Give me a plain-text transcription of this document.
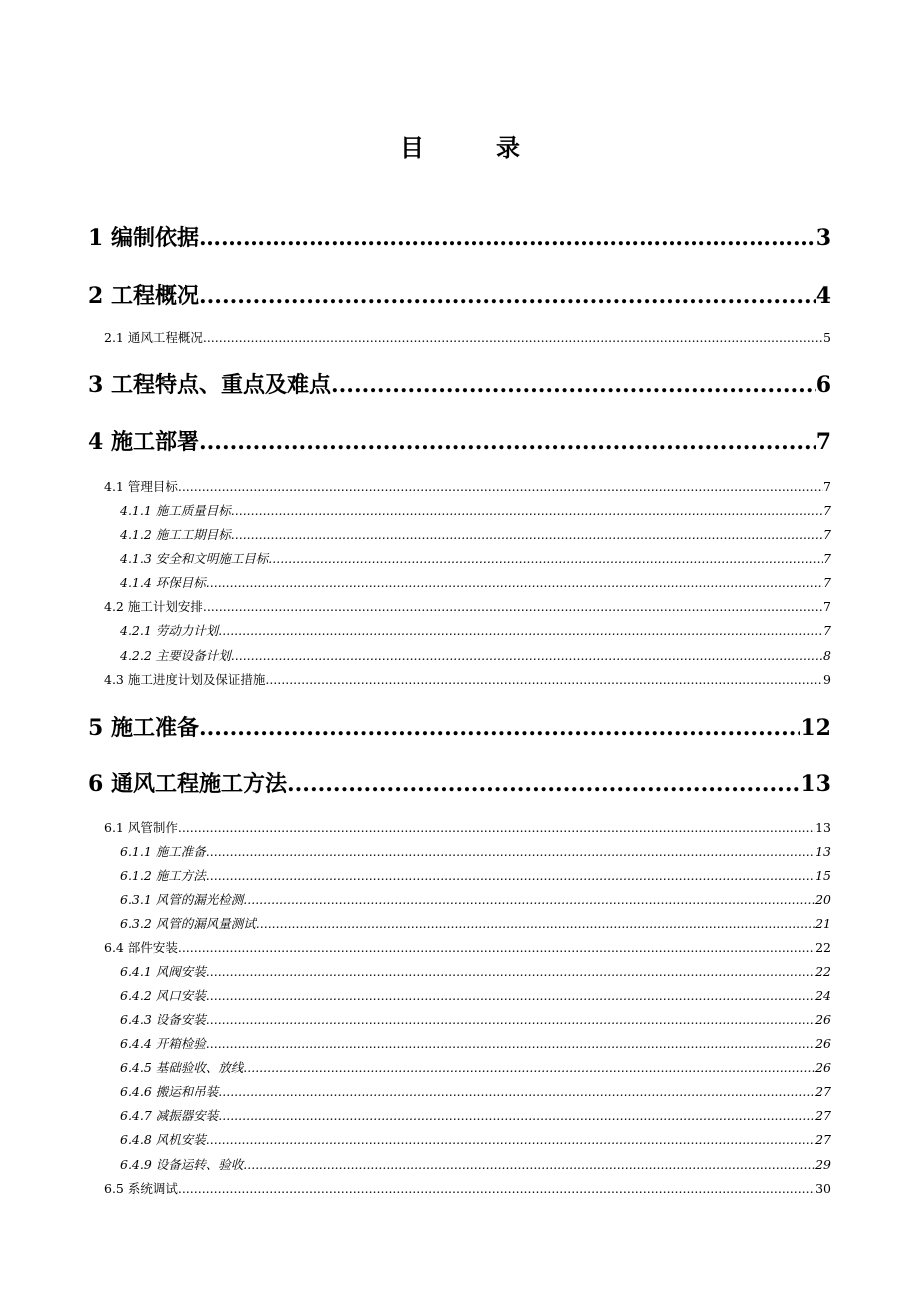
目录
1 编制依据 ……………………………………………………………………………………………………………………………………………………………	3
2 工程概况 .....	4
2.1 通风工程概况 .....	5
3 工程特点、重点及难点 .....	6
4 施工部署 .....	7
4.1 管理目标 .....	7
4.1.1 施工质量目标 .....	7
4.1.2 施工工期目标 .....	7
4.1.3 安全和文明施工目标 .....	7
4.1.4 环保目标 .....	7
4.2 施工计划安排 .....	7
4.2.1 劳动力计划 .....	7
4.2.2 主要设备计划 .....	8
4.3 施工进度计划及保证措施 .....	9
5 施工准备 .....	12
6 通风工程施工方法 .....	13
6.1 风管制作 .....	13
6.1.1 施工准备 .....	13
6.1.2 施工方法 .....	15
6.3.1 风管的漏光检测 .....	20
6.3.2 风管的漏风量测试 .....	21
6.4 部件安装 .....	22
6.4.1 风阀安装 .....	22
6.4.2 风口安装 .....	24
6.4.3 设备安装 .....	26
6.4.4 开箱检验 .....	26
6.4.5 基础验收、放线 .....	26
6.4.6 搬运和吊装 .....	27
6.4.7 减振器安装 .....	27
6.4.8 风机安装 .....	27
6.4.9 设备运转、验收 .....	29
6.5 系统调试 .....	30
